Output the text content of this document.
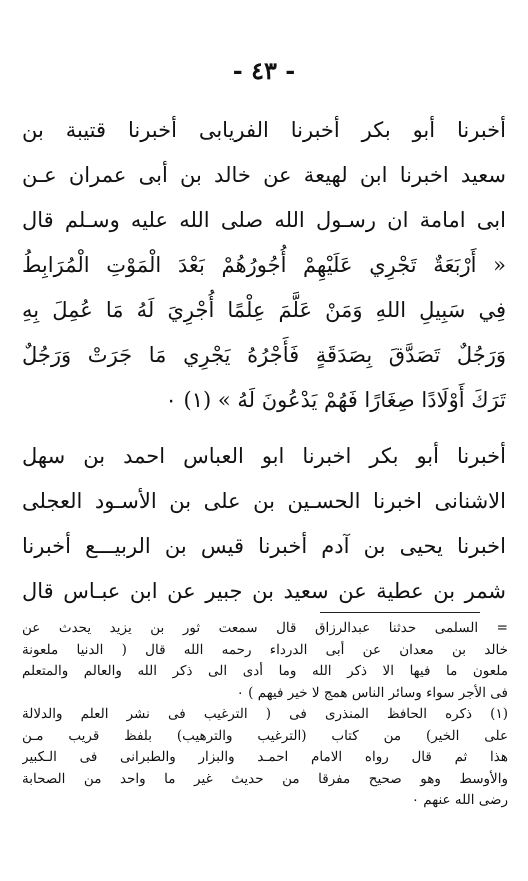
- ٤٣ -
أخبرنا أبو بكر أخبرنا الفريابى أخبرنا قتيبة بن
سعيد اخبرنا ابن لهيعة عن خالد بن أبى عمران عـن
ابى امامة ان رسـول الله صلى الله عليه وسـلم قال
« أَرْبَعَةٌ تَجْرِي عَلَيْهِمْ أُجُورُهُمْ بَعْدَ الْمَوْتِ الْمُرَابِطُ
فِي سَبِيلِ اللهِ وَمَنْ عَلَّمَ عِلْمًا أُجْرِيَ لَهُ مَا عُمِلَ بِهِ
وَرَجُلٌ تَصَدَّقَ بِصَدَقَةٍ فَأَجْرُهُ يَجْرِي مَا جَرَتْ وَرَجُلٌ
تَرَكَ أَوْلَادًا صِغَارًا فَهُمْ يَدْعُونَ لَهُ » (١) ٠
أخبرنا أبو بكر اخبرنا ابو العباس احمد بن سهل
الاشنانى اخبرنا الحسـين بن على بن الأسـود العجلى
اخبرنا يحيى بن آدم أخبرنا قيس بن الربيـــع أخبرنا
شمر بن عطية عن سعيد بن جبير عن ابن عبـاس قال
= السلمى حدثنا عبدالرزاق قال سمعت ثور بن يزيد يحدث عن
خالد بن معدان عن أبى الدرداء رحمه الله قال ( الدنيا ملعونة
ملعون ما فيها الا ذكر الله وما أدى الى ذكر الله والعالم والمتعلم
فى الأجر سواء وسائر الناس همج لا خير فيهم ) ٠
(١) ذكره الحافظ المنذرى فى ( الترغيب فى نشر العلم والدلالة
على الخير) من كتاب (الترغيب والترهيب) بلفظ قريب مـن
هذا ثم قال رواه الامام احمـد والبزار والطبرانى فى الـكبير
والأوسط وهو صحيح مفرقا من حديث غير ما واحد من الصحابة
رضى الله عنهم ٠
